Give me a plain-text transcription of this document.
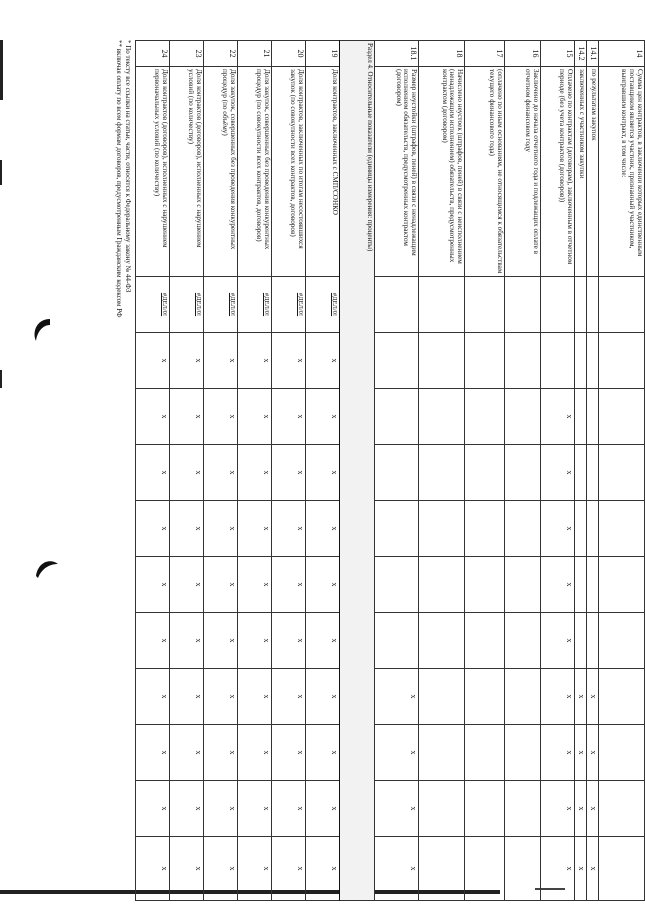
14	Сумма цен контрактов, в заключении которых единственным поставщиком является участник, признанный участником, выигравшим контракт, в том числе:											
14.1	по результатам закупок								х	х	х	х
14.2	заключенных с участником закупки								х	х	х	х
15	Оплачено по контрактам (договорам), заключенным в отчетном периоде (без учета контрактов (договоров))			х	х	х	х	х	х	х	х	х
16	Заключено до начала отчетного года и подлежащих оплате в отчетном финансовом году											
17	(оплачено по иным основаниям, не относящимся к обязательствам текущего финансового года)											
18	Начислено неустоек (штрафов, пеней) в связи с неисполнением (ненадлежащим исполнением) обязательств, предусмотренных контрактом (договором)											
18.1	Размер неустойки (штрафов, пеней) в связи с ненадлежащим исполнением обязательств, предусмотренных контрактом (договором)								х	х	х	х
Раздел 4. Относительные показатели (единицы измерения: проценты)												
19	Доля контрактов, заключенных с СМП/СОНКО	#ДЕЛ/0!	х	х	х	х	х	х	х	х	х	х
20	Доля контрактов, заключенных по итогам несостоявшихся закупок (по совокупности всех контрактов, договоров)	#ДЕЛ/0!	х	х	х	х	х	х	х	х	х	х
21	Доля закупок, совершенных без проведения конкурентных процедур (по совокупности всех контрактов, договоров)	#ДЕЛ/0!	х	х	х	х	х	х	х	х	х	х
22	Доля закупок, совершенных без проведения конкурентных процедур (по объёму)	#ДЕЛ/0!	х	х	х	х	х	х	х	х	х	х
23	Доля контрактов (договоров), исполненных с нарушением условий (по количеству)	#ДЕЛ/0!	х	х	х	х	х	х	х	х	х	х
24	Доля контрактов (договоров), исполненных с нарушением первоначальных условий (по количеству)	#ДЕЛ/0!	х	х	х	х	х	х	х	х	х	х
* По тексту все ссылки на статьи, части, относятся к Федеральному закону № 44-ФЗ
** включая оплату по всем формам договоров, предусмотренным Гражданским кодексом РФ
